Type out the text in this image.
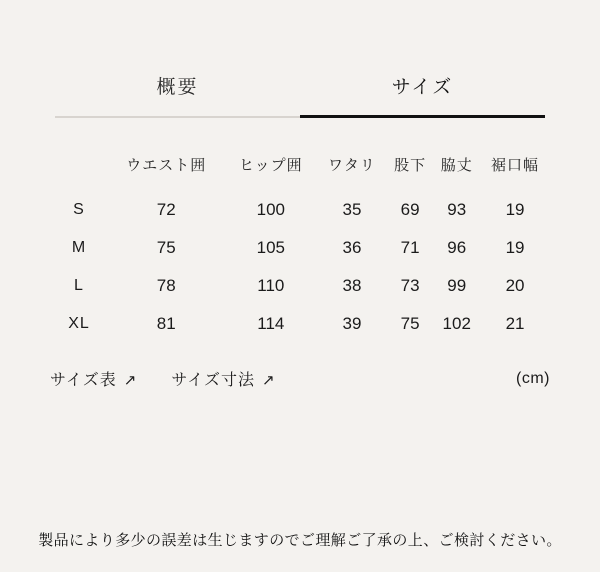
概要	サイズ
	ウエスト囲	ヒップ囲	ワタリ	股下	脇丈	裾口幅
S	72	100	35	69	93	19
M	75	105	36	71	96	19
L	78	110	38	73	99	20
XL	81	114	39	75	102	21
サイズ表 ↗ サイズ寸法 ↗	(cm)
製品により多少の誤差は生じますのでご理解ご了承の上、ご検討ください。
